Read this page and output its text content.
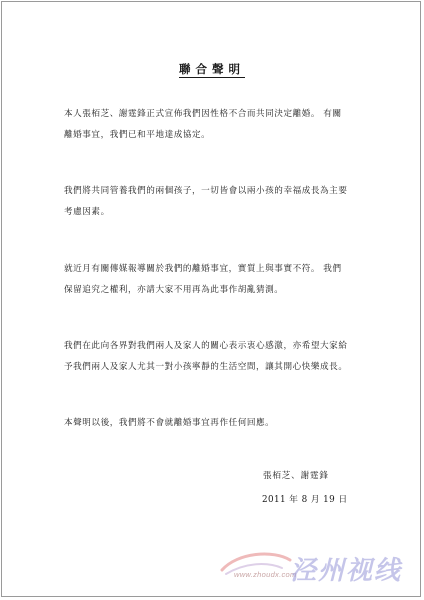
聯合聲明
本人張栢芝、謝霆鋒正式宣佈我們因性格不合而共同決定離婚。 有關
離婚事宜，我們已和平地達成協定。
我們將共同管養我們的兩個孩子，一切皆會以兩小孩的幸福成長為主要
考慮因素。
就近月有關傳媒報導關於我們的離婚事宜，實質上與事實不符。 我們
保留追究之權利，亦請大家不用再為此事作胡亂猜測。
我們在此向各界對我們兩人及家人的關心表示衷心感激，亦希望大家給
予我們兩人及家人尤其一對小孩寧靜的生活空間，讓其開心快樂成長。
本聲明以後，我們將不會就離婚事宜再作任何回應。
張栢芝、謝霆鋒
2011 年 8 月 19 日
www.zhoudx.com
泾州视线
